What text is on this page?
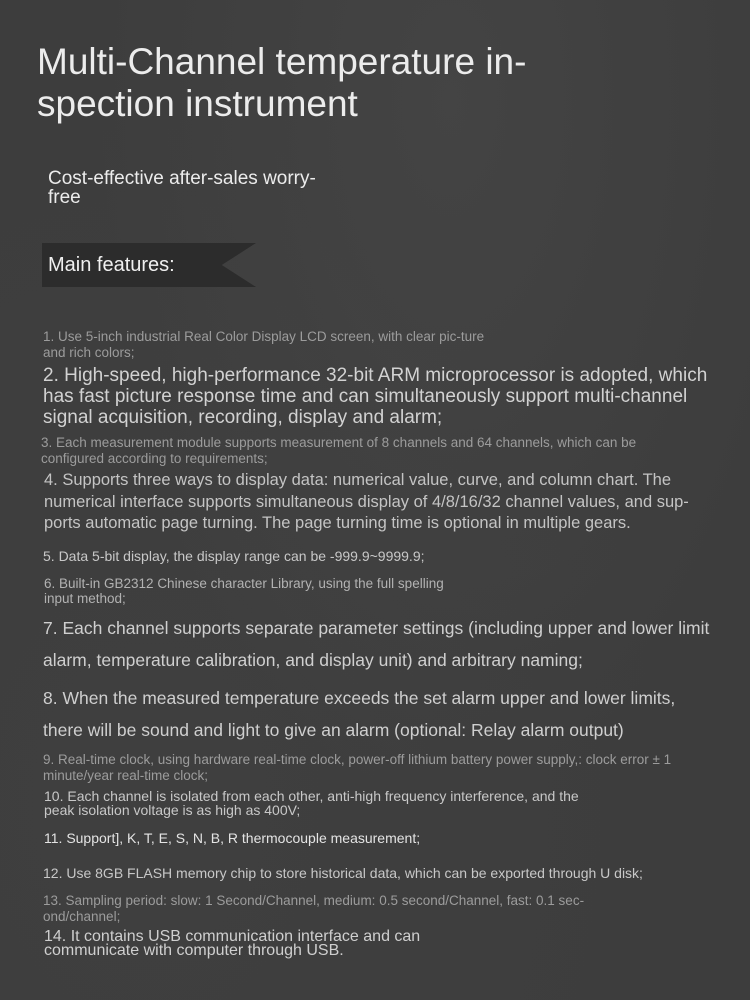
Multi-Channel temperature in-spection instrument
Cost-effective after-sales worry-free
Main features:

1. Use 5-inch industrial Real Color Display LCD screen, with clear pic-ture and rich colors;

2. High-speed, high-performance 32-bit ARM microprocessor is adopted, which has fast picture response time and can simultaneously support multi-channel signal acquisition, recording, display and alarm;

3. Each measurement module supports measurement of 8 channels and 64 channels, which can be configured according to requirements;

4. Supports three ways to display data: numerical value, curve, and column chart. The numerical interface supports simultaneous display of 4/8/16/32 channel values, and sup-ports automatic page turning. The page turning time is optional in multiple gears.

5. Data 5-bit display, the display range can be -999.9~9999.9;

6. Built-in GB2312 Chinese character Library, using the full spelling input method;

7. Each channel supports separate parameter settings (including upper and lower limit alarm, temperature calibration, and display unit) and arbitrary naming;

8. When the measured temperature exceeds the set alarm upper and lower limits, there will be sound and light to give an alarm (optional: Relay alarm output)

9. Real-time clock, using hardware real-time clock, power-off lithium battery power supply,: clock error ± 1 minute/year real-time clock;

10. Each channel is isolated from each other, anti-high frequency interference, and the peak isolation voltage is as high as 400V;

11. Support], K, T, E, S, N, B, R thermocouple measurement;

12. Use 8GB FLASH memory chip to store historical data, which can be exported through U disk;

13. Sampling period: slow: 1 Second/Channel, medium: 0.5 second/Channel, fast: 0.1 sec-ond/channel;

14. It contains USB communication interface and can communicate with computer through USB.
